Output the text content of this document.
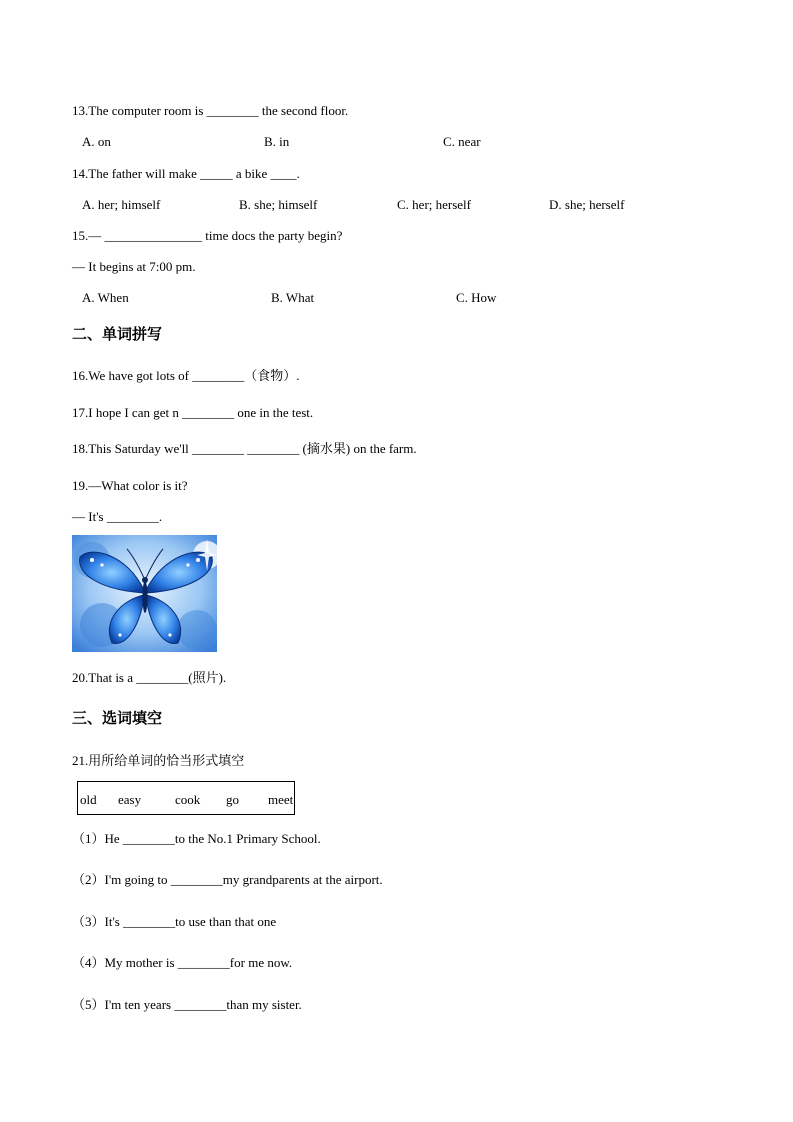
13.The computer room is ________ the second floor.
A. on	B. in	C. near
14.The father will make _____ a bike ____.
A. her; himself	B. she; himself	C. her; herself	D. she; herself
15.— _______________ time docs the party begin?
— It begins at 7:00 pm.
A. When	B. What	C. How
二、单词拼写
16.We have got lots of ________（食物）.
17.I hope I can get n ________ one in the test.
18.This Saturday we'll ________ ________ (摘水果) on the farm.
19.—What color is it?
— It's ________.
20.That is a ________(照片).
三、选词填空
21.用所给单词的恰当形式填空
old easy	cook go meet
（1）He ________to the No.1 Primary School.
（2）I'm going to ________my grandparents at the airport.
（3）It's ________to use than that one
（4）My mother is ________for me now.
（5）I'm ten years ________than my sister.
